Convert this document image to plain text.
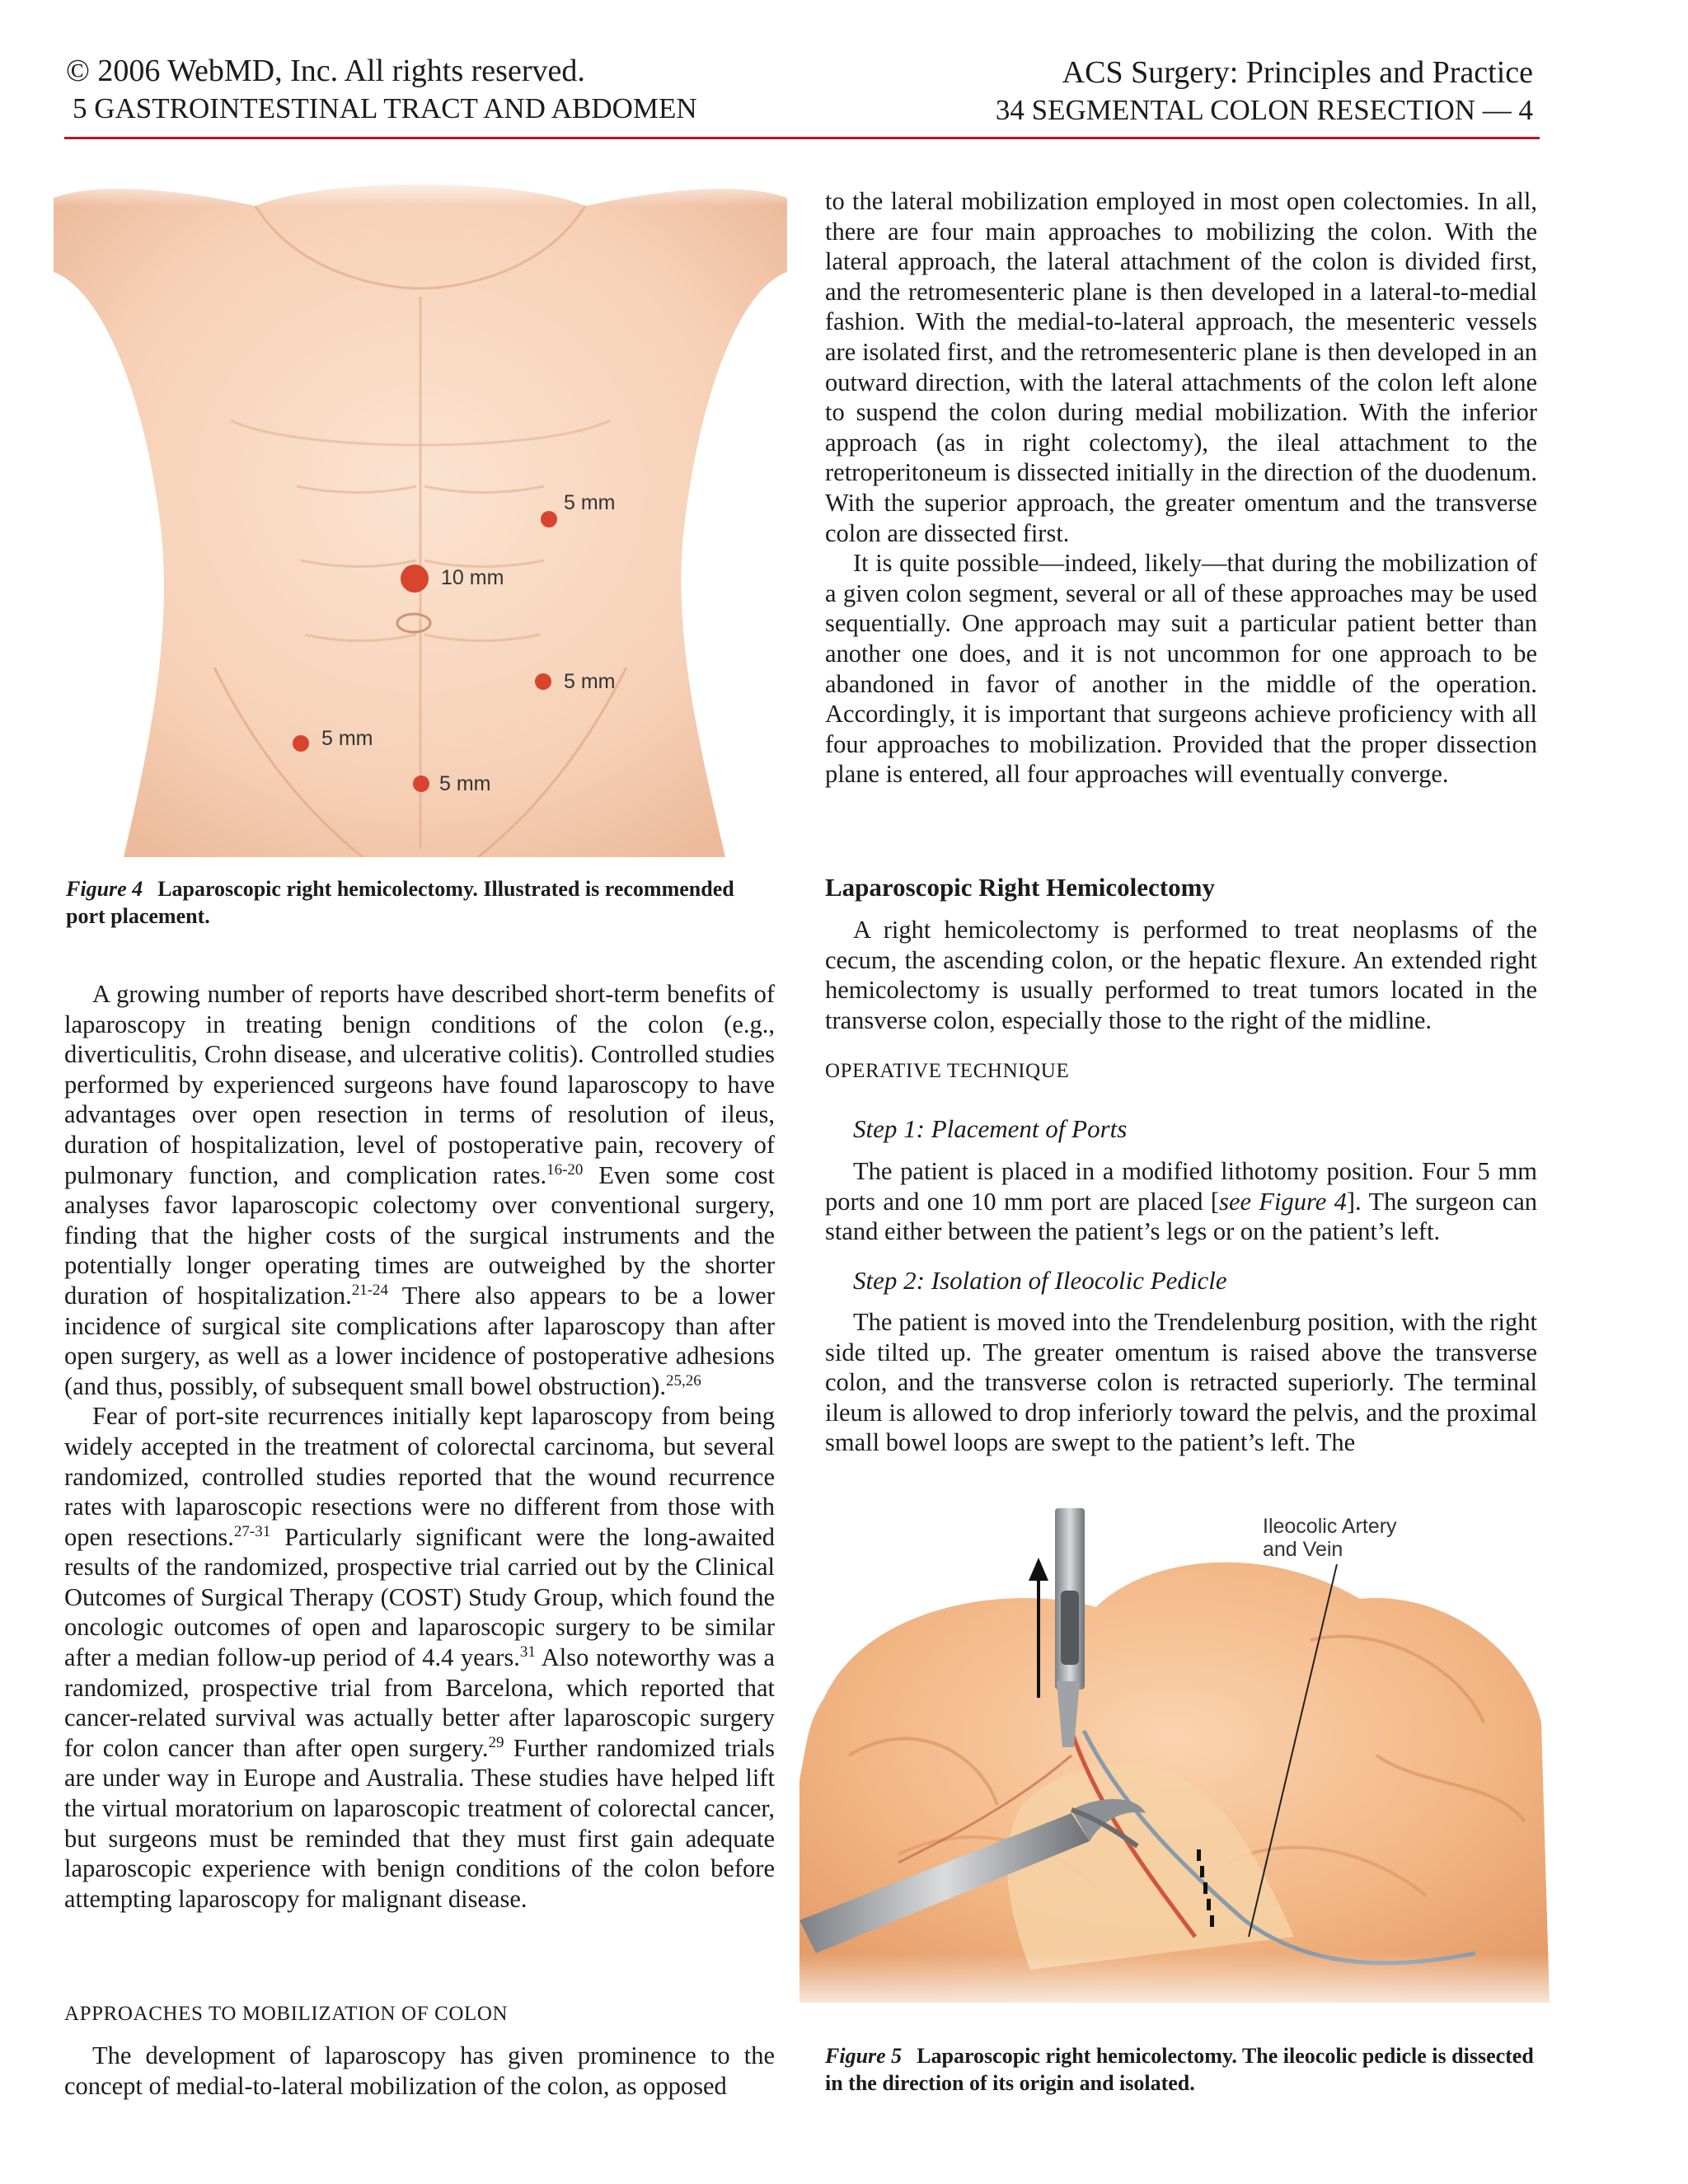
© 2006 WebMD, Inc. All rights reserved.
5 GASTROINTESTINAL TRACT AND ABDOMEN
ACS Surgery: Principles and Practice
34 SEGMENTAL COLON RESECTION — 4
5 mm
10 mm
5 mm
5 mm
5 mm
Figure 4 Laparoscopic right hemicolectomy. Illustrated is recommended port placement.

A growing number of reports have described short-term benefits of laparoscopy in treating benign conditions of the colon (e.g., diverticulitis, Crohn disease, and ulcerative colitis). Controlled studies performed by experienced surgeons have found laparoscopy to have advantages over open resection in terms of resolution of ileus, duration of hospitalization, level of postoperative pain, recovery of pulmonary function, and complication rates.$^{16-20}$ Even some cost analyses favor laparoscopic colectomy over conventional surgery, finding that the higher costs of the surgical instruments and the potentially longer operating times are outweighed by the shorter duration of hospitalization.$^{21-24}$ There also appears to be a lower incidence of surgical site complications after laparoscopy than after open surgery, as well as a lower incidence of postoperative adhesions (and thus, possibly, of subsequent small bowel obstruction).$^{25,26}$

Fear of port-site recurrences initially kept laparoscopy from being widely accepted in the treatment of colorectal carcinoma, but several randomized, controlled studies reported that the wound recurrence rates with laparoscopic resections were no different from those with open resections.$^{27-31}$ Particularly significant were the long-awaited results of the randomized, prospective trial carried out by the Clinical Outcomes of Surgical Therapy (COST) Study Group, which found the oncologic outcomes of open and laparoscopic surgery to be similar after a median follow-up period of 4.4 years.$^{31}$ Also noteworthy was a randomized, prospective trial from Barcelona, which reported that cancer-related survival was actually better after laparoscopic surgery for colon cancer than after open surgery.$^{29}$ Further randomized trials are under way in Europe and Australia. These studies have helped lift the virtual moratorium on laparoscopic treatment of colorectal cancer, but surgeons must be reminded that they must first gain adequate laparoscopic experience with benign conditions of the colon before attempting laparoscopy for malignant disease.

APPROACHES TO MOBILIZATION OF COLON

The development of laparoscopy has given prominence to the concept of medial-to-lateral mobilization of the colon, as opposed

to the lateral mobilization employed in most open colectomies. In all, there are four main approaches to mobilizing the colon. With the lateral approach, the lateral attachment of the colon is divided first, and the retromesenteric plane is then developed in a lateral-to-medial fashion. With the medial-to-lateral approach, the mesenteric vessels are isolated first, and the retromesenteric plane is then developed in an outward direction, with the lateral attachments of the colon left alone to suspend the colon during medial mobilization. With the inferior approach (as in right colectomy), the ileal attachment to the retroperitoneum is dissected initially in the direction of the duodenum. With the superior approach, the greater omentum and the transverse colon are dissected first.

It is quite possible—indeed, likely—that during the mobilization of a given colon segment, several or all of these approaches may be used sequentially. One approach may suit a particular patient better than another one does, and it is not uncommon for one approach to be abandoned in favor of another in the middle of the operation. Accordingly, it is important that surgeons achieve proficiency with all four approaches to mobilization. Provided that the proper dissection plane is entered, all four approaches will eventually converge.

Laparoscopic Right Hemicolectomy

A right hemicolectomy is performed to treat neoplasms of the cecum, the ascending colon, or the hepatic flexure. An extended right hemicolectomy is usually performed to treat tumors located in the transverse colon, especially those to the right of the midline.

OPERATIVE TECHNIQUE
Step 1: Placement of Ports

The patient is placed in a modified lithotomy position. Four 5 mm ports and one 10 mm port are placed [see Figure 4]. The surgeon can stand either between the patient’s legs or on the patient’s left.

Step 2: Isolation of Ileocolic Pedicle

The patient is moved into the Trendelenburg position, with the right side tilted up. The greater omentum is raised above the transverse colon, and the transverse colon is retracted superiorly. The terminal ileum is allowed to drop inferiorly toward the pelvis, and the proximal small bowel loops are swept to the patient’s left. The

Ileocolic Artery
and Vein
Figure 5 Laparoscopic right hemicolectomy. The ileocolic pedicle is dissected in the direction of its origin and isolated.
